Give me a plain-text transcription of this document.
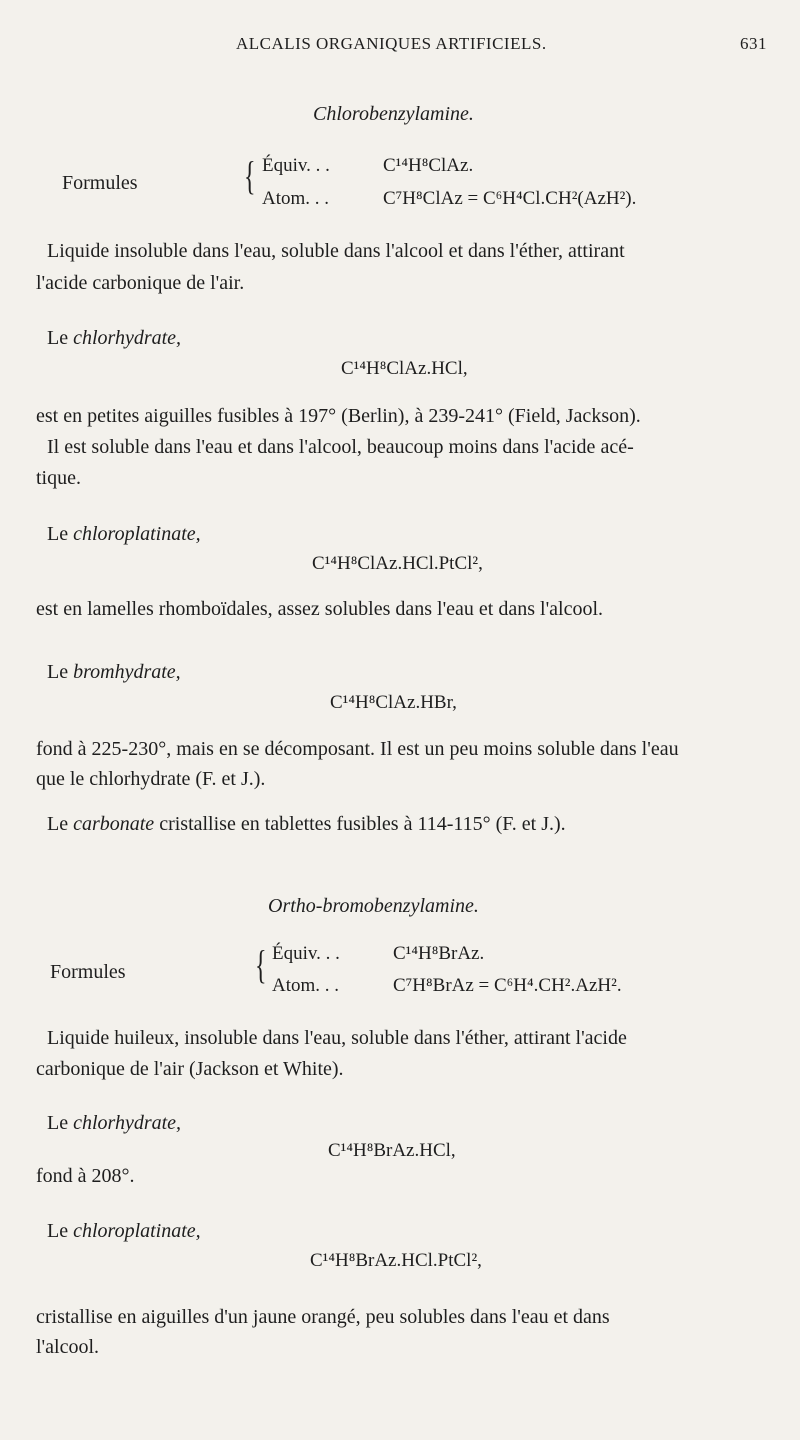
ALCALIS ORGANIQUES ARTIFICIELS.	631
Chlorobenzylamine.
Formules	{ Équiv. . .	C¹⁴H⁸ClAz.
Atom. . .	C⁷H⁸ClAz = C⁶H⁴Cl.CH²(AzH²).
Liquide insoluble dans l'eau, soluble dans l'alcool et dans l'éther, attirant
l'acide carbonique de l'air.
Le chlorhydrate,
C¹⁴H⁸ClAz.HCl,
est en petites aiguilles fusibles à 197° (Berlin), à 239-241° (Field, Jackson).
Il est soluble dans l'eau et dans l'alcool, beaucoup moins dans l'acide acé-
tique.
Le chloroplatinate,
C¹⁴H⁸ClAz.HCl.PtCl²,
est en lamelles rhomboïdales, assez solubles dans l'eau et dans l'alcool.
Le bromhydrate,
C¹⁴H⁸ClAz.HBr,
fond à 225-230°, mais en se décomposant. Il est un peu moins soluble dans l'eau
que le chlorhydrate (F. et J.).
Le carbonate cristallise en tablettes fusibles à 114-115° (F. et J.).
Ortho-bromobenzylamine.
Formules	{ Équiv. . .	C¹⁴H⁸BrAz.
Atom. . .	C⁷H⁸BrAz = C⁶H⁴.CH².AzH².
Liquide huileux, insoluble dans l'eau, soluble dans l'éther, attirant l'acide
carbonique de l'air (Jackson et White).
Le chlorhydrate,
C¹⁴H⁸BrAz.HCl,
fond à 208°.
Le chloroplatinate,
C¹⁴H⁸BrAz.HCl.PtCl²,
cristallise en aiguilles d'un jaune orangé, peu solubles dans l'eau et dans
l'alcool.
